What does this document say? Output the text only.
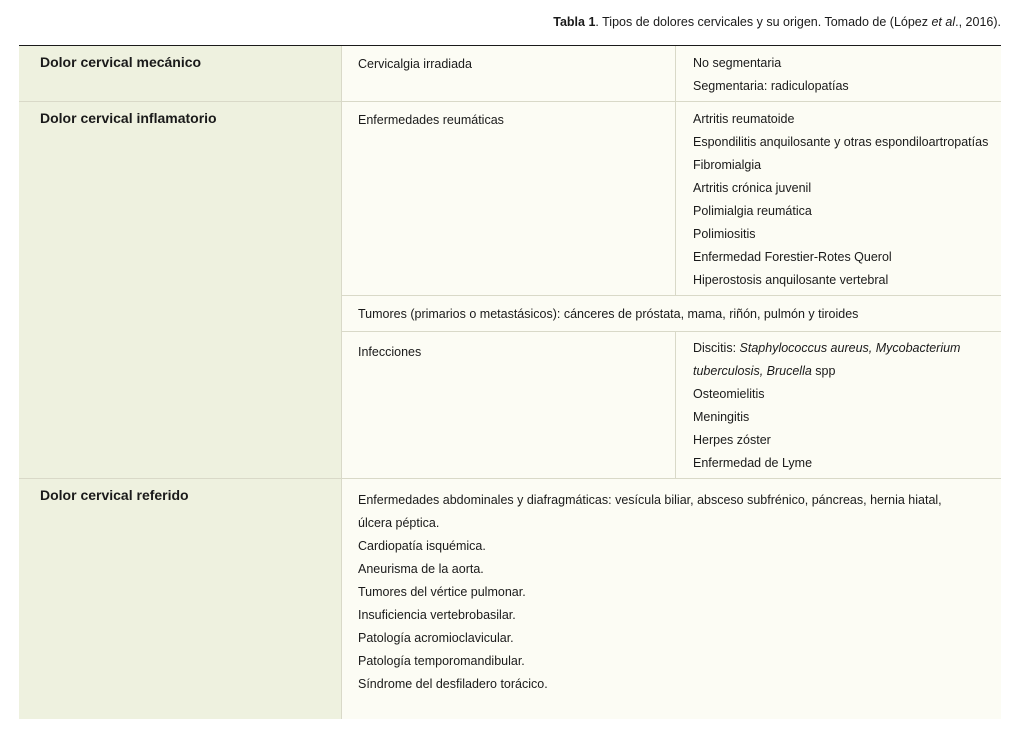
Tabla 1. Tipos de dolores cervicales y su origen. Tomado de (López et al., 2016).
Dolor cervical mecánico	Cervicalgia irradiada	No segmentaria
Segmentaria: radiculopatías
Dolor cervical inflamatorio	Enfermedades reumáticas	Artritis reumatoide
Espondilitis anquilosante y otras espondiloartropatías
Fibromialgia
Artritis crónica juvenil
Polimialgia reumática
Polimiositis
Enfermedad Forestier-Rotes Querol
Hiperostosis anquilosante vertebral
Tumores (primarios o metastásicos): cánceres de próstata, mama, riñón, pulmón y tiroides
Infecciones	Discitis: Staphylococcus aureus, Mycobacterium
tuberculosis, Brucella spp
Osteomielitis
Meningitis
Herpes zóster
Enfermedad de Lyme
Dolor cervical referido	Enfermedades abdominales y diafragmáticas: vesícula biliar, absceso subfrénico, páncreas, hernia hiatal,
úlcera péptica.
Cardiopatía isquémica.
Aneurisma de la aorta.
Tumores del vértice pulmonar.
Insuficiencia vertebrobasilar.
Patología acromioclavicular.
Patología temporomandibular.
Síndrome del desfiladero torácico.
